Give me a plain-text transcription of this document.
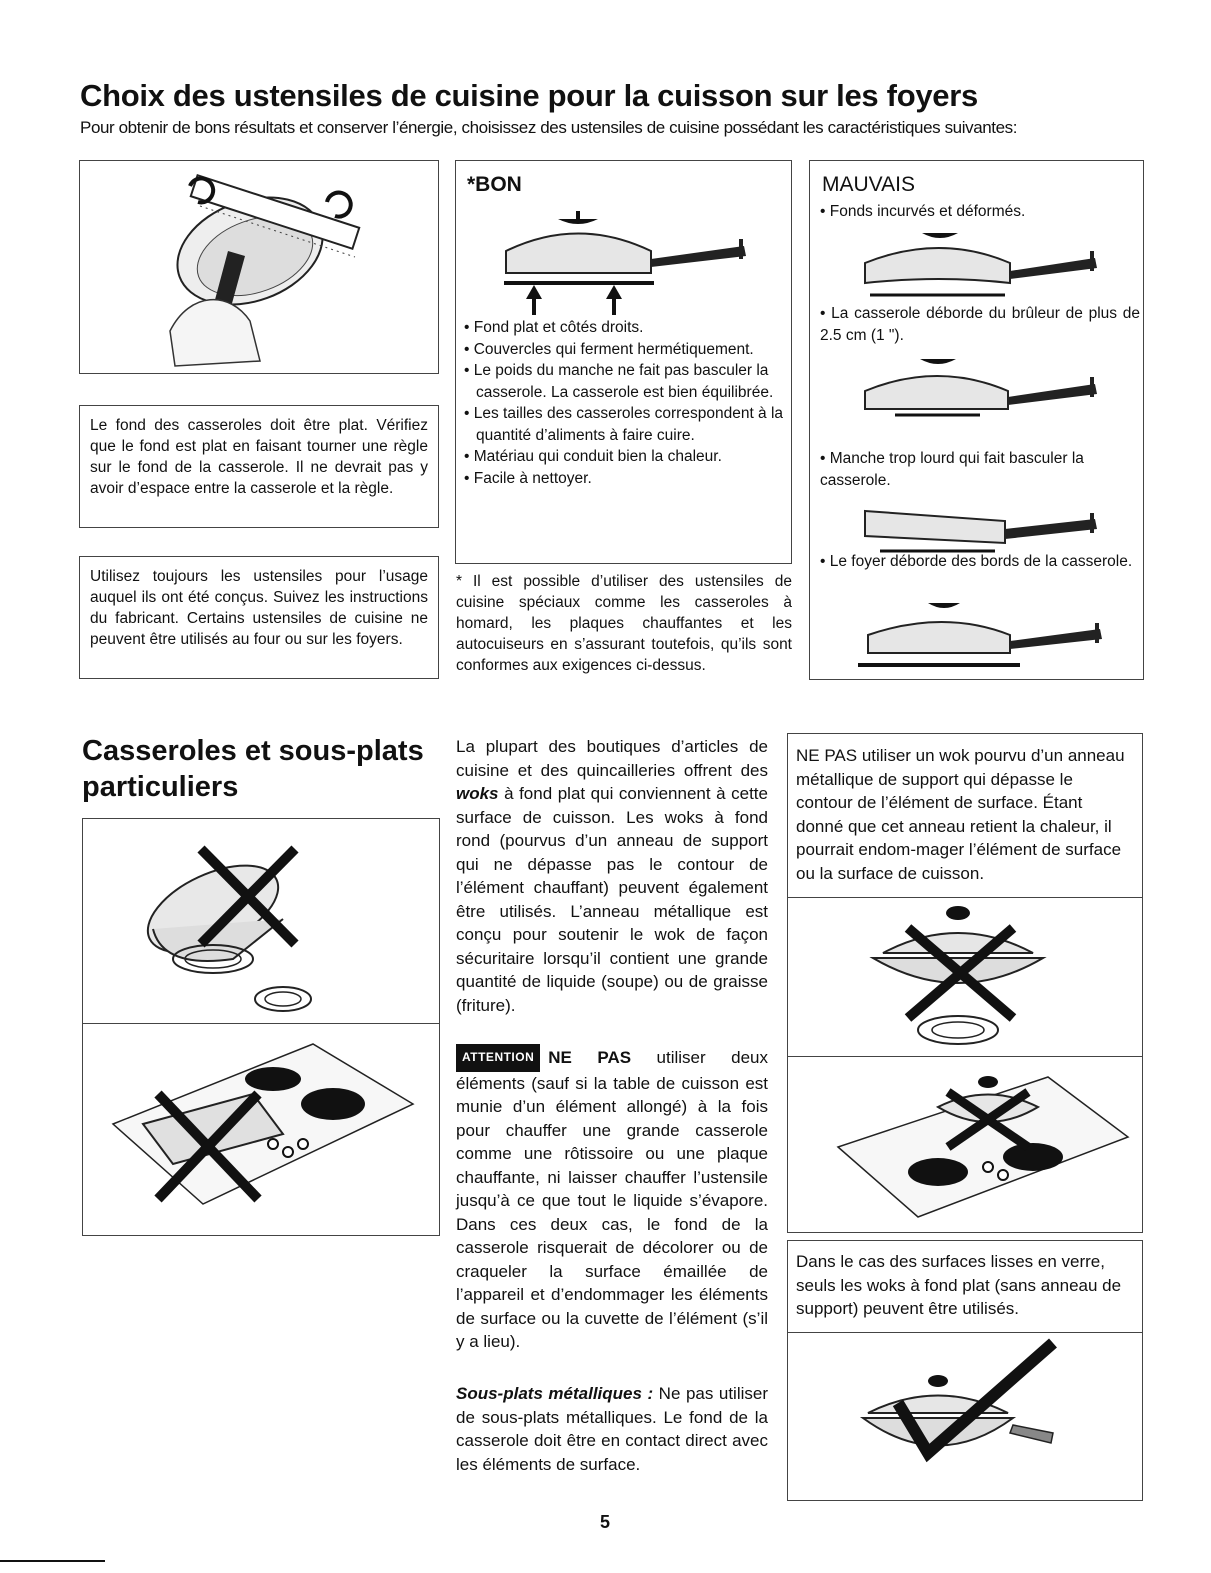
Choix des ustensiles de cuisine pour la cuisson sur les foyers
Pour obtenir de bons résultats et conserver l’énergie, choisissez des ustensiles de cuisine possédant les caractéristiques suivantes:
Le fond des casseroles doit être plat. Vérifiez que le fond est plat en faisant tourner une règle sur le fond de la casserole. Il ne devrait pas y avoir d’espace entre la casserole et la règle.
Utilisez toujours les ustensiles pour l’usage auquel ils ont été conçus. Suivez les instructions du fabricant. Certains ustensiles de cuisine ne peuvent être utilisés au four ou sur les foyers.
*BON
• Fond plat et côtés droits.
• Couvercles qui ferment hermétiquement.
• Le poids du manche ne fait pas basculer la casserole. La casserole est bien équilibrée.
• Les tailles des casseroles correspondent à la quantité d’aliments à faire cuire.
• Matériau qui conduit bien la chaleur.
• Facile à nettoyer.
* Il est possible d’utiliser des ustensiles de cuisine spéciaux comme les casseroles à homard, les plaques chauffantes et les autocuiseurs en s’assurant toutefois, qu’ils sont conformes aux exigences ci-dessus.
MAUVAIS
• Fonds incurvés et déformés.
• La casserole déborde du brûleur de plus de 2.5 cm (1 ").
• Manche trop lourd qui fait basculer la casserole.
• Le foyer déborde des bords de la casserole.
Casseroles et sous-plats particuliers

La plupart des boutiques d’articles de cuisine et des quincailleries offrent des woks à fond plat qui conviennent à cette surface de cuisson. Les woks à fond rond (pourvus d’un anneau de support qui ne dépasse pas le contour de l’élément chauffant) peuvent également être utilisés. L’anneau métallique est conçu pour soutenir le wok de façon sécuritaire lorsqu’il contient une grande quantité de liquide (soupe) ou de graisse (friture).

ATTENTION NE PAS utiliser deux éléments (sauf si la table de cuisson est munie d’un élément allongé) à la fois pour chauffer une grande casserole comme une rôtissoire ou une plaque chauffante, ni laisser chauffer l’ustensile jusqu’à ce que tout le liquide s’évapore. Dans ces deux cas, le fond de la casserole risquerait de décolorer ou de craqueler la surface émaillée de l’appareil et d’endommager les éléments de surface ou la cuvette de l’élément (s’il y a lieu).

Sous-plats métalliques : Ne pas utiliser de sous-plats métalliques. Le fond de la casserole doit être en contact direct avec les éléments de surface.

NE PAS utiliser un wok pourvu d’un anneau métallique de support qui dépasse le contour de l’élément de surface. Étant donné que cet anneau retient la chaleur, il pourrait endom-mager l’élément de surface ou la surface de cuisson.
Dans le cas des surfaces lisses en verre, seuls les woks à fond plat (sans anneau de support) peuvent être utilisés.
5
